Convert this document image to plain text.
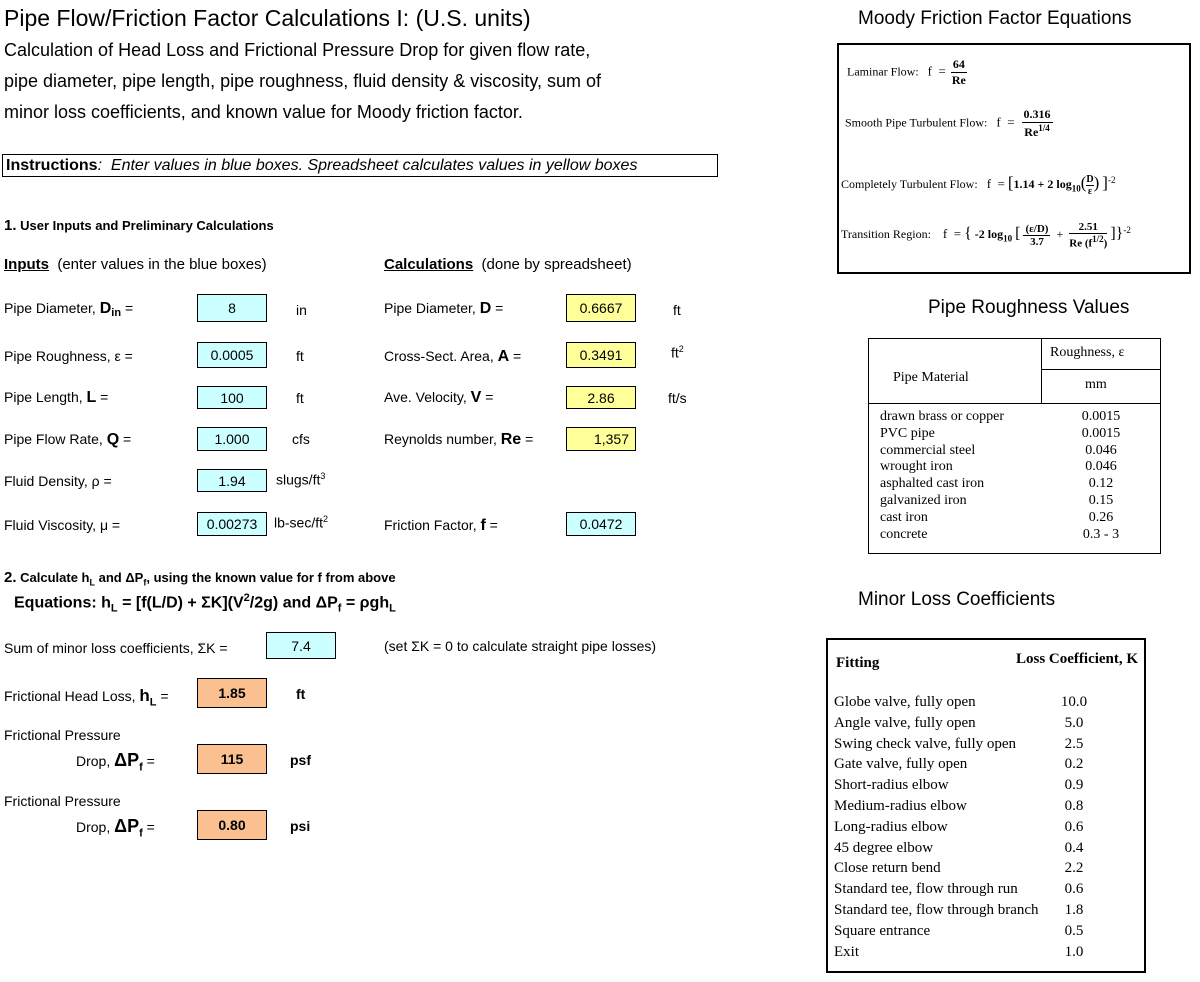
Pipe Flow/Friction Factor Calculations I: (U.S. units)
Calculation of Head Loss and Frictional Pressure Drop for given flow rate,
pipe diameter, pipe length, pipe roughness, fluid density & viscosity, sum of
minor loss coefficients, and known value for Moody friction factor.
Instructions:  Enter values in blue boxes. Spreadsheet calculates values in yellow boxes
1. User Inputs and Preliminary Calculations
Inputs (enter values in the blue boxes)	Calculations (done by spreadsheet)
Pipe Diameter, $D_{in}$ =	8	in
Pipe Roughness, ε =	0.0005	ft
Pipe Length, L =	100	ft
Pipe Flow Rate, Q =	1.000	cfs
Fluid Density, ρ =	1.94	slugs/$ft^3$
Fluid Viscosity, μ =	0.00273	$lb-\sec/ft^2$
Pipe Diameter, D =	0.6667	ft
Cross-Sect. Area, A =	0.3491	$ft^2$
Ave. Velocity, V =	2.86	ft/s
Reynolds number, Re =	1,357
Friction Factor, f =	0.0472
2. Calculate $h_L$ and $\Delta P_f$, using the known value for f from above
Equations: $h_L = [f(L/D) + \Sigma K](V^2/2g)$ and $\Delta P_f = \rho gh_L$
Sum of minor loss coefficients, ΣK =	7.4	(set ΣK = 0 to calculate straight pipe losses)
Frictional Head Loss, $h_L$ =	1.85	ft
Frictional Pressure
Drop, $\Delta P_f$ =	115	psf
Frictional Pressure
Drop, $\Delta P_f$ =	0.80	psi
Moody Friction Factor Equations
Laminar Flow: $f = \frac{64}{Re}$
Smooth Pipe Turbulent Flow: $f = \frac{0.316}{Re^{1/4}}$
Completely Turbulent Flow: f  = [1.14 + 2 $\log_{10}( \frac{D}{\varepsilon}$ ) ]$^{-2}$
Transition Region: f  = { -2 $\log_{10}$ [ $\frac{(\varepsilon/D)}{3.7} + \frac{2.51}{Re (f^{1/2})} ]\}^{-2}$
Pipe Roughness Values
Pipe Material
Roughness, ε
mm
drawn brass or copper	0.0015
PVC pipe	0.0015
commercial steel	0.046
wrought iron	0.046
asphalted cast iron	0.12
galvanized iron	0.15
cast iron	0.26
concrete	0.3 - 3
Minor Loss Coefficients
Fitting	Loss Coefficient, K
Globe valve, fully open	10.0
Angle valve, fully open	5.0
Swing check valve, fully open	2.5
Gate valve, fully open	0.2
Short-radius elbow	0.9
Medium-radius elbow	0.8
Long-radius elbow	0.6
45 degree elbow	0.4
Close return bend	2.2
Standard tee, flow through run	0.6
Standard tee, flow through branch	1.8
Square entrance	0.5
Exit	1.0
